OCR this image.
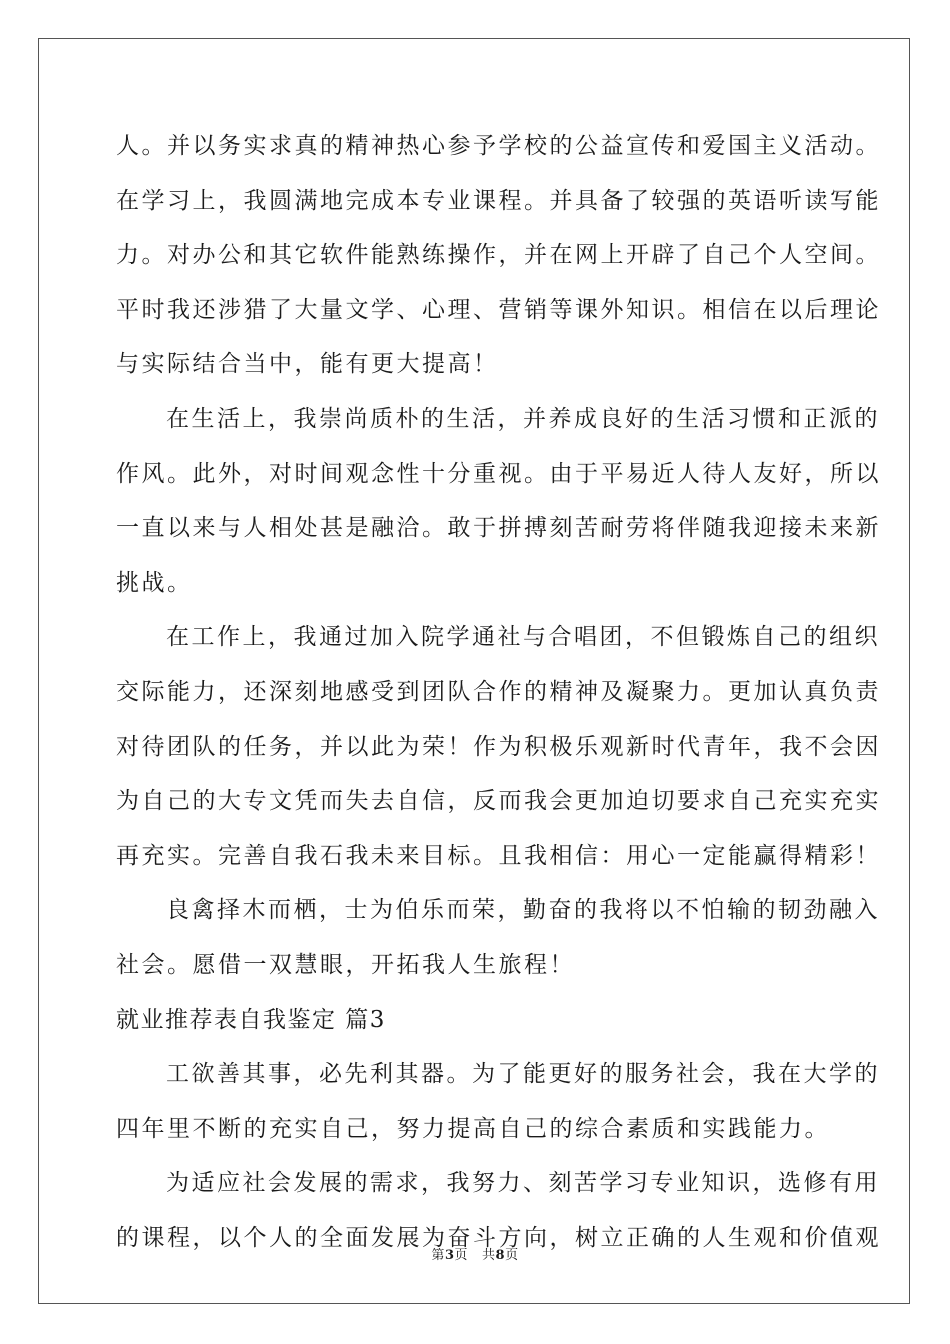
人。并以务实求真的精神热心参予学校的公益宣传和爱国主义活动。
在学习上，我圆满地完成本专业课程。并具备了较强的英语听读写能
力。对办公和其它软件能熟练操作，并在网上开辟了自己个人空间。
平时我还涉猎了大量文学、心理、营销等课外知识。相信在以后理论
与实际结合当中，能有更大提高！
在生活上，我崇尚质朴的生活，并养成良好的生活习惯和正派的
作风。此外，对时间观念性十分重视。由于平易近人待人友好，所以
一直以来与人相处甚是融洽。敢于拼搏刻苦耐劳将伴随我迎接未来新
挑战。
在工作上，我通过加入院学通社与合唱团，不但锻炼自己的组织
交际能力，还深刻地感受到团队合作的精神及凝聚力。更加认真负责
对待团队的任务，并以此为荣！作为积极乐观新时代青年，我不会因
为自己的大专文凭而失去自信，反而我会更加迫切要求自己充实充实
再充实。完善自我石我未来目标。且我相信：用心一定能赢得精彩！
良禽择木而栖，士为伯乐而荣，勤奋的我将以不怕输的韧劲融入
社会。愿借一双慧眼，开拓我人生旅程！
就业推荐表自我鉴定 篇3
工欲善其事，必先利其器。为了能更好的服务社会，我在大学的
四年里不断的充实自己，努力提高自己的综合素质和实践能力。
为适应社会发展的需求，我努力、刻苦学习专业知识，选修有用
的课程，以个人的全面发展为奋斗方向，树立正确的人生观和价值观
第3页 共8页
